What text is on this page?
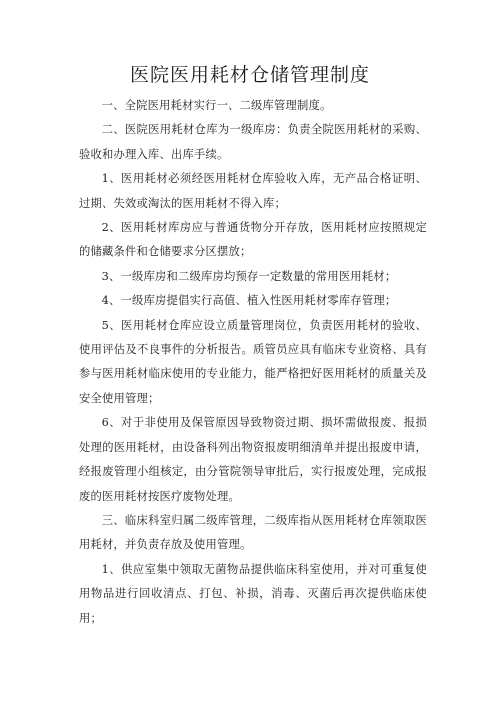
医院医用耗材仓储管理制度

一、全院医用耗材实行一、二级库管理制度。

二、医院医用耗材仓库为一级库房：负责全院医用耗材的采购、验收和办理入库、出库手续。

1、医用耗材必须经医用耗材仓库验收入库，无产品合格证明、过期、失效或淘汰的医用耗材不得入库；

2、医用耗材库房应与普通货物分开存放，医用耗材应按照规定的储藏条件和仓储要求分区摆放；

3、一级库房和二级库房均预存一定数量的常用医用耗材；

4、一级库房提倡实行高值、植入性医用耗材零库存管理；

5、医用耗材仓库应设立质量管理岗位，负责医用耗材的验收、使用评估及不良事件的分析报告。质管员应具有临床专业资格、具有参与医用耗材临床使用的专业能力，能严格把好医用耗材的质量关及安全使用管理；

6、对于非使用及保管原因导致物资过期、损坏需做报废、报损处理的医用耗材，由设备科列出物资报废明细清单并提出报废申请，经报废管理小组核定，由分管院领导审批后，实行报废处理，完成报废的医用耗材按医疗废物处理。

三、临床科室归属二级库管理，二级库指从医用耗材仓库领取医用耗材，并负责存放及使用管理。

1、供应室集中领取无菌物品提供临床科室使用，并对可重复使用物品进行回收清点、打包、补损，消毒、灭菌后再次提供临床使用；
